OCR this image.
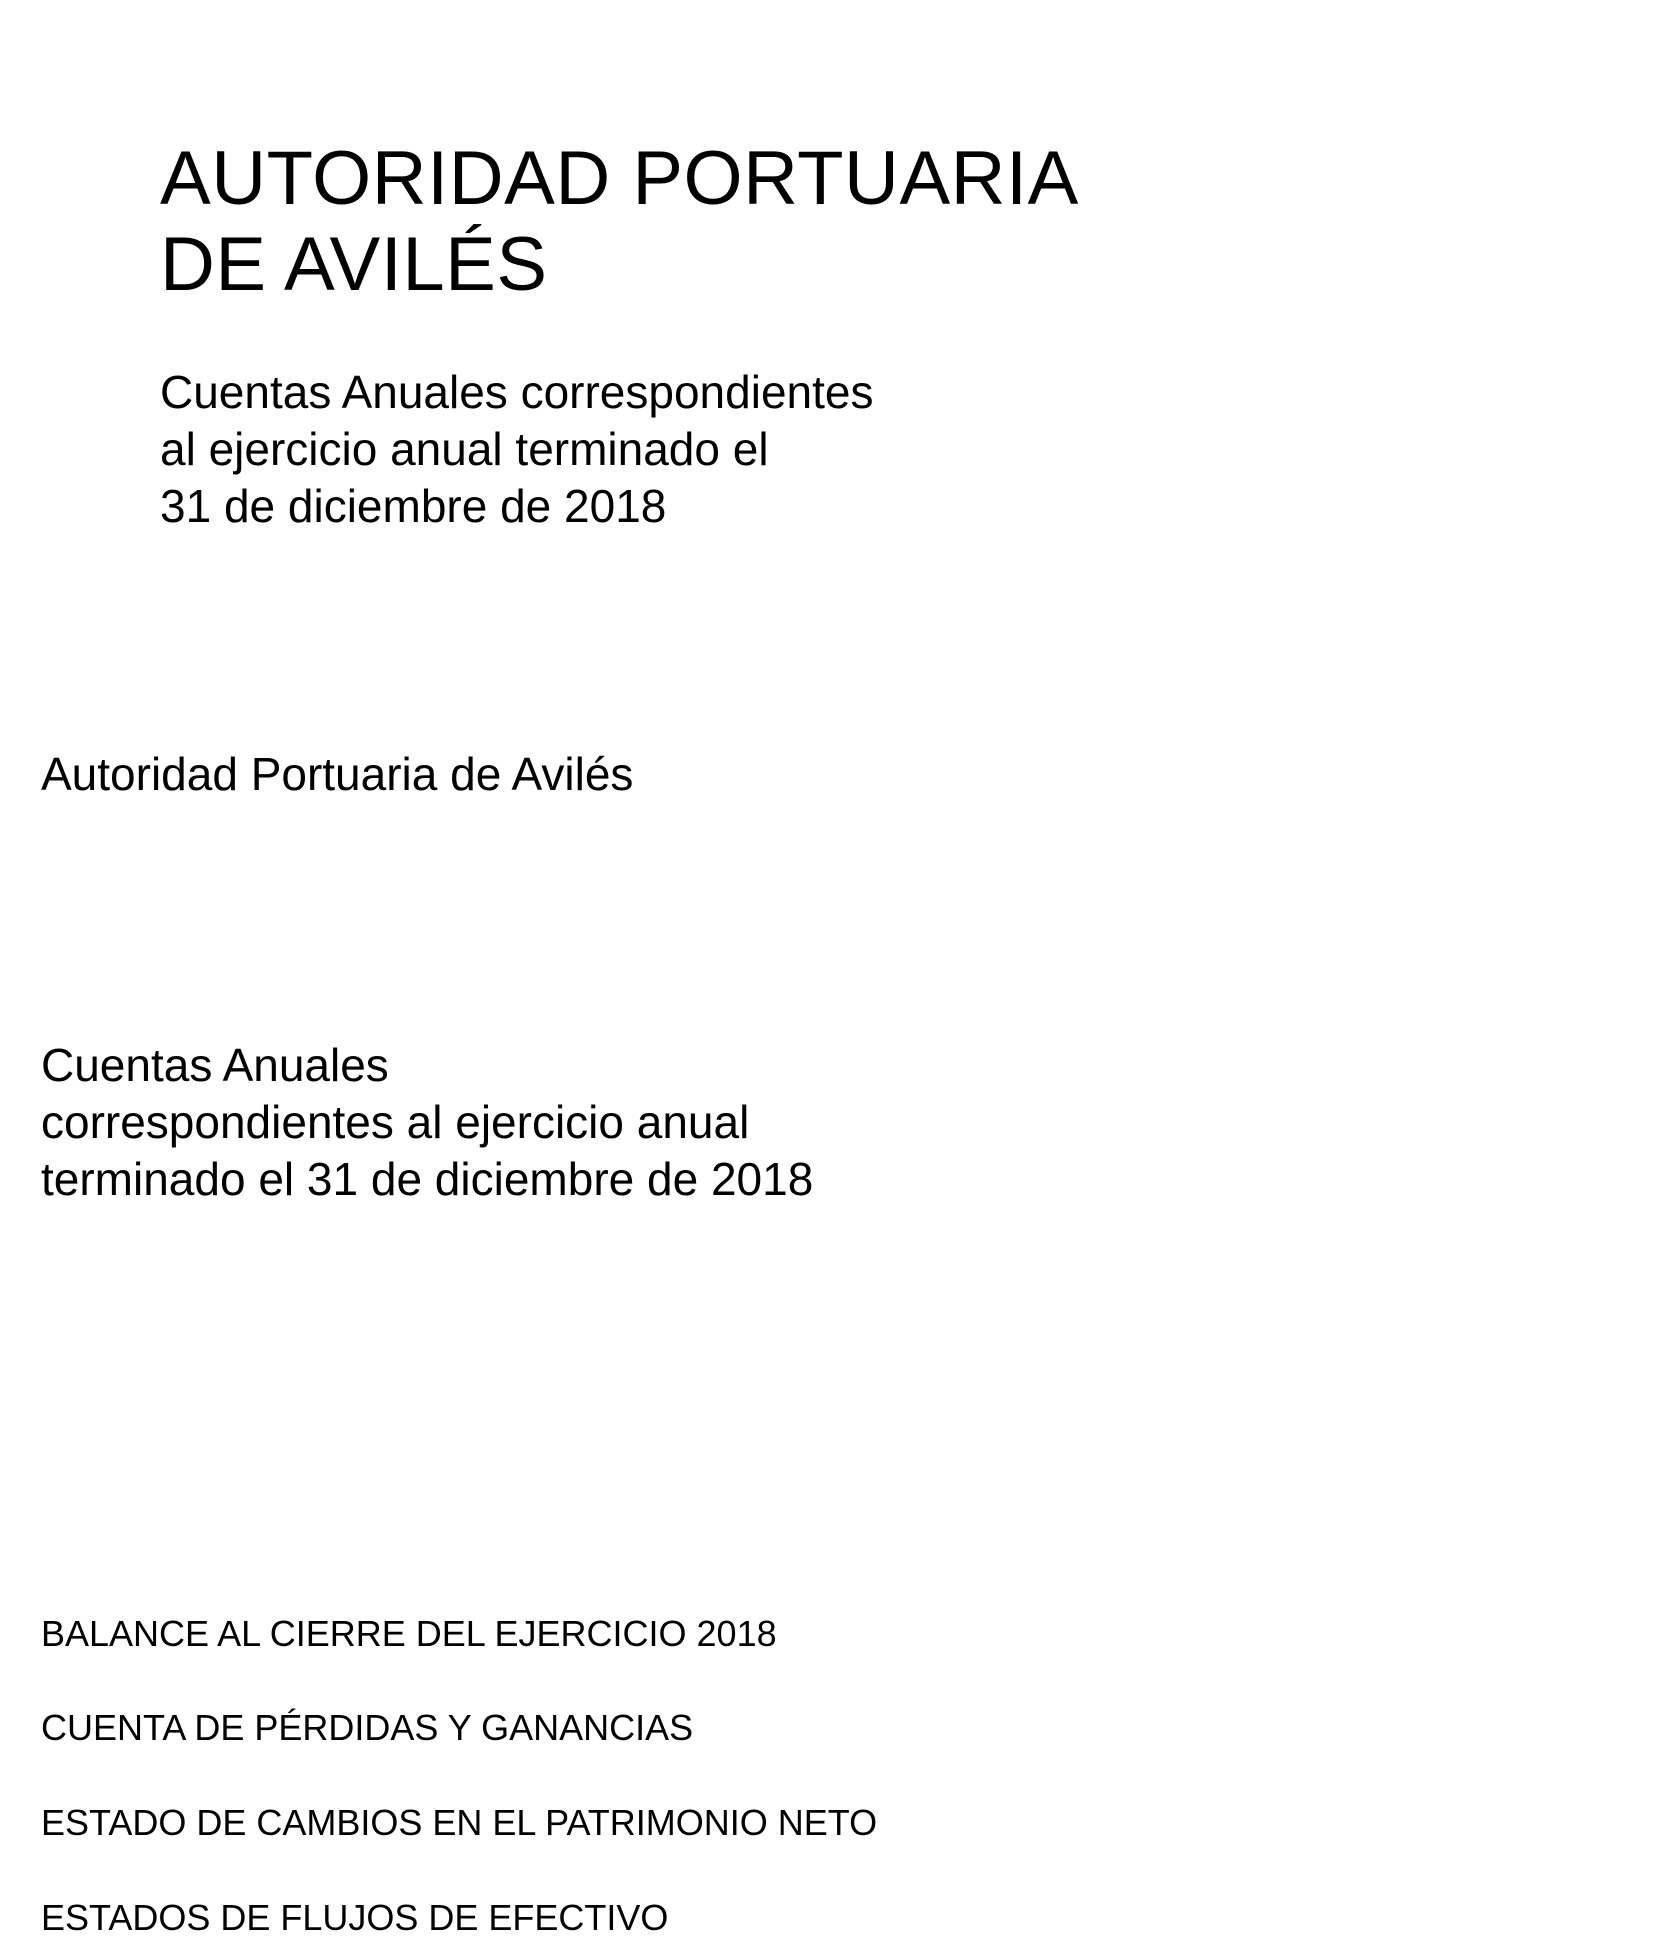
AUTORIDAD PORTUARIA
DE AVILÉS
Cuentas Anuales correspondientes
al ejercicio anual terminado el
31 de diciembre de 2018
Autoridad Portuaria de Avilés
Cuentas Anuales
correspondientes al ejercicio anual
terminado el 31 de diciembre de 2018
BALANCE AL CIERRE DEL EJERCICIO 2018
CUENTA DE PÉRDIDAS Y GANANCIAS
ESTADO DE CAMBIOS EN EL PATRIMONIO NETO
ESTADOS DE FLUJOS DE EFECTIVO
